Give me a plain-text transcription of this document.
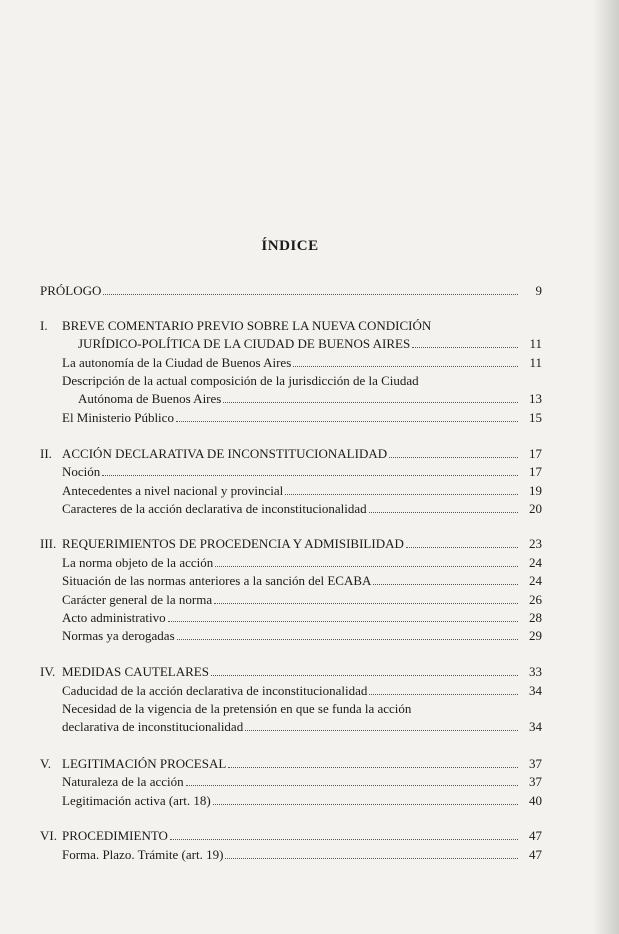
ÍNDICE
PRÓLOGO	9
I. BREVE COMENTARIO PREVIO SOBRE LA NUEVA CONDICIÓN
JURÍDICO-POLÍTICA DE LA CIUDAD DE BUENOS AIRES	11
La autonomía de la Ciudad de Buenos Aires	11
Descripción de la actual composición de la jurisdicción de la Ciudad
Autónoma de Buenos Aires	13
El Ministerio Público	15
II. ACCIÓN DECLARATIVA DE INCONSTITUCIONALIDAD	17
Noción	17
Antecedentes a nivel nacional y provincial	19
Caracteres de la acción declarativa de inconstitucionalidad	20
III. REQUERIMIENTOS DE PROCEDENCIA Y ADMISIBILIDAD	23
La norma objeto de la acción	24
Situación de las normas anteriores a la sanción del ECABA	24
Carácter general de la norma	26
Acto administrativo	28
Normas ya derogadas	29
IV. MEDIDAS CAUTELARES	33
Caducidad de la acción declarativa de inconstitucionalidad	34
Necesidad de la vigencia de la pretensión en que se funda la acción
declarativa de inconstitucionalidad	34
V. LEGITIMACIÓN PROCESAL	37
Naturaleza de la acción	37
Legitimación activa (art. 18)	40
VI. PROCEDIMIENTO	47
Forma. Plazo. Trámite (art. 19)	47
